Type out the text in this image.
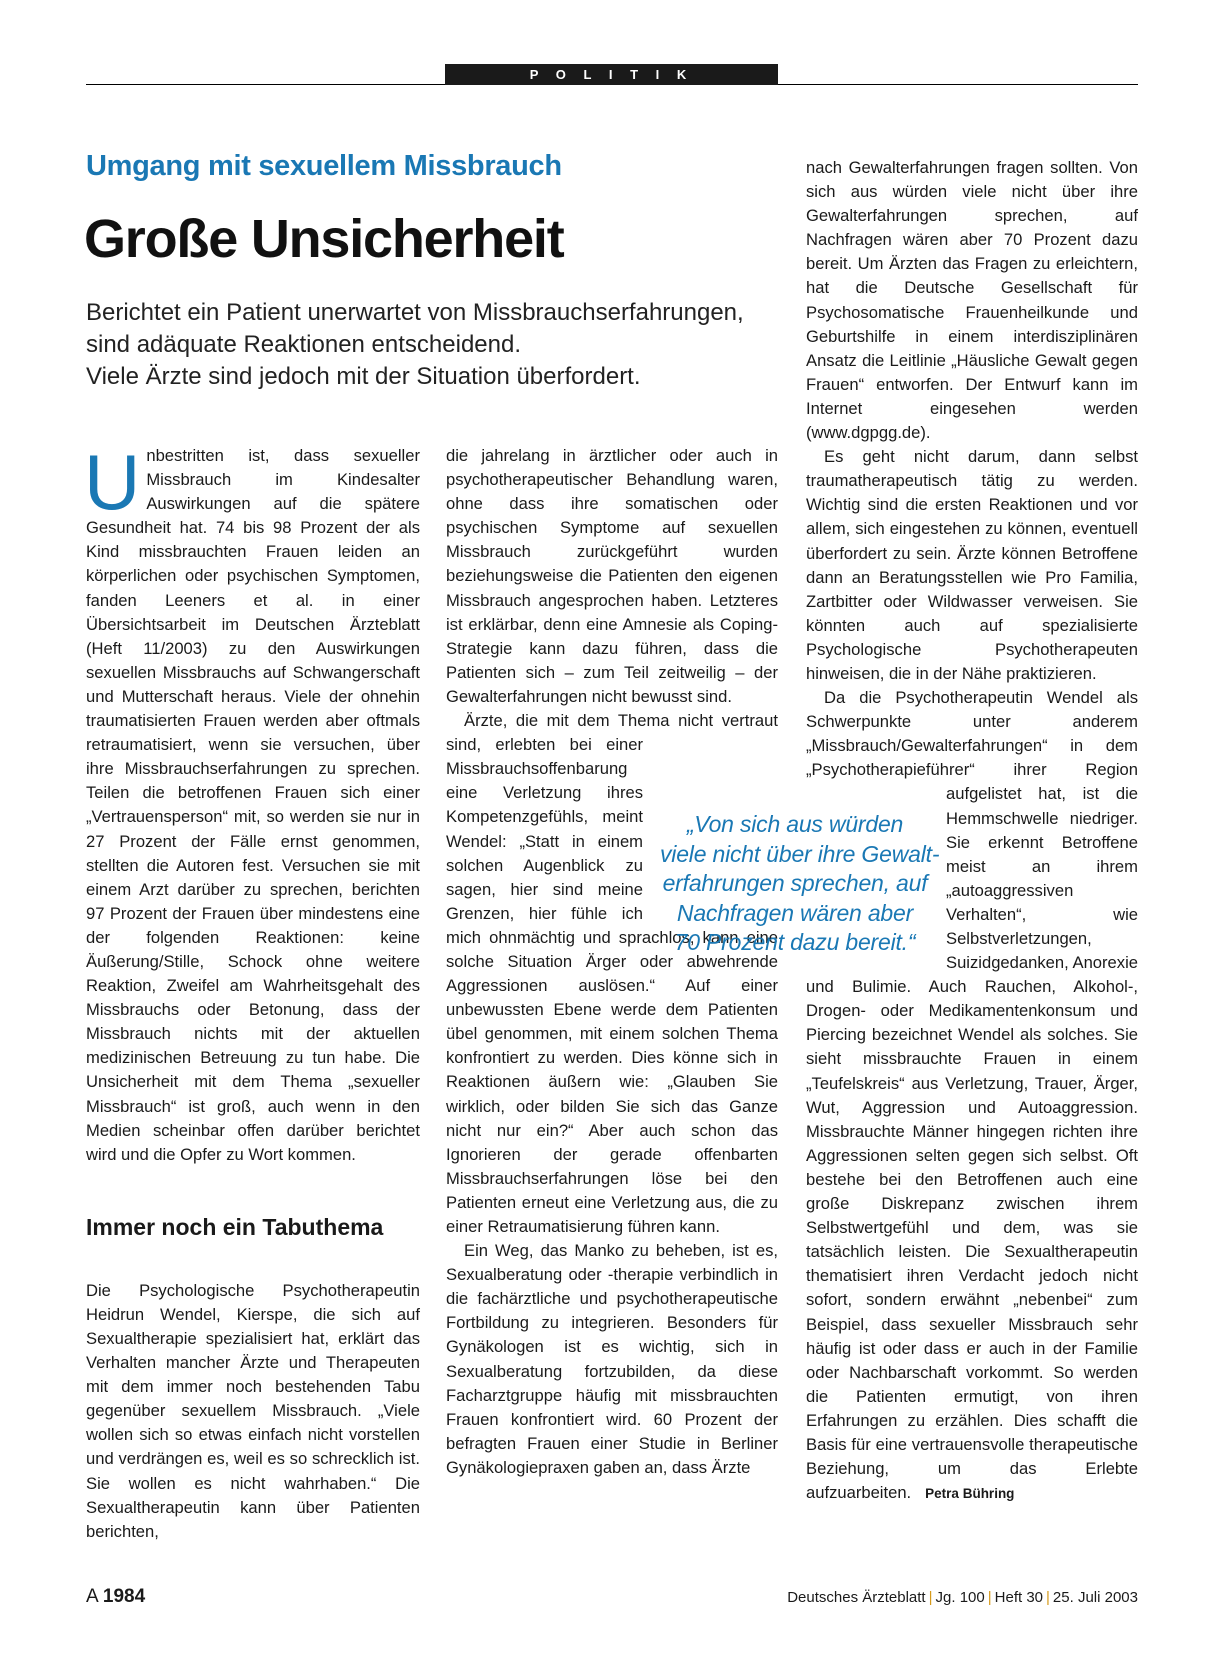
P O L I T I K
Umgang mit sexuellem Missbrauch
Große Unsicherheit
Berichtet ein Patient unerwartet von Missbrauchserfahrungen,
sind adäquate Reaktionen entscheidend.
Viele Ärzte sind jedoch mit der Situation überfordert.

Unbestritten ist, dass sexueller Missbrauch im Kindesalter Auswirkungen auf die spätere Gesundheit hat. 74 bis 98 Prozent der als Kind missbrauchten Frauen leiden an körperlichen oder psychischen Symptomen, fanden Leeners et al. in einer Übersichtsarbeit im Deutschen Ärzteblatt (Heft 11/2003) zu den Auswirkungen sexuellen Missbrauchs auf Schwangerschaft und Mutterschaft heraus. Viele der ohnehin traumatisierten Frauen werden aber oftmals retraumatisiert, wenn sie versuchen, über ihre Missbrauchserfahrungen zu sprechen. Teilen die betroffenen Frauen sich einer „Vertrauensperson“ mit, so werden sie nur in 27 Prozent der Fälle ernst genommen, stellten die Autoren fest. Versuchen sie mit einem Arzt darüber zu sprechen, berichten 97 Prozent der Frauen über mindestens eine der folgenden Reaktionen: keine Äußerung/Stille, Schock ohne weitere Reaktion, Zweifel am Wahrheitsgehalt des Missbrauchs oder Betonung, dass der Missbrauch nichts mit der aktuellen medizinischen Betreuung zu tun habe. Die Unsicherheit mit dem Thema „sexueller Missbrauch“ ist groß, auch wenn in den Medien scheinbar offen darüber berichtet wird und die Opfer zu Wort kommen.

Immer noch ein Tabuthema

Die Psychologische Psychotherapeutin Heidrun Wendel, Kierspe, die sich auf Sexualtherapie spezialisiert hat, erklärt das Verhalten mancher Ärzte und Therapeuten mit dem immer noch bestehenden Tabu gegenüber sexuellem Missbrauch. „Viele wollen sich so etwas einfach nicht vorstellen und verdrängen es, weil es so schrecklich ist. Sie wollen es nicht wahrhaben.“ Die Sexualtherapeutin kann über Patienten berichten,

die jahrelang in ärztlicher oder auch in psychotherapeutischer Behandlung waren, ohne dass ihre somatischen oder psychischen Symptome auf sexuellen Missbrauch zurückgeführt wurden beziehungsweise die Patienten den eigenen Missbrauch angesprochen haben. Letzteres ist erklärbar, denn eine Amnesie als Coping-Strategie kann dazu führen, dass die Patienten sich – zum Teil zeitweilig – der Gewalterfahrungen nicht bewusst sind.

Ärzte, die mit dem Thema nicht vertraut sind, erlebten bei einer Missbrauchsoffenbarung eine Verletzung ihres Kompetenzgefühls, meint Wendel: „Statt in einem solchen Augenblick zu sagen, hier sind meine Grenzen, hier fühle ich mich ohnmächtig und sprachlos, kann eine solche Situation Ärger oder abwehrende Aggressionen auslösen.“ Auf einer unbewussten Ebene werde dem Patienten übel genommen, mit einem solchen Thema konfrontiert zu werden. Dies könne sich in Reaktionen äußern wie: „Glauben Sie wirklich, oder bilden Sie sich das Ganze nicht nur ein?“ Aber auch schon das Ignorieren der gerade offenbarten Missbrauchserfahrungen löse bei den Patienten erneut eine Verletzung aus, die zu einer Retraumatisierung führen kann.

Ein Weg, das Manko zu beheben, ist es, Sexualberatung oder -therapie verbindlich in die fachärztliche und psychotherapeutische Fortbildung zu integrieren. Besonders für Gynäkologen ist es wichtig, sich in Sexualberatung fortzubilden, da diese Facharztgruppe häufig mit missbrauchten Frauen konfrontiert wird. 60 Prozent der befragten Frauen einer Studie in Berliner Gynäkologiepraxen gaben an, dass Ärzte

nach Gewalterfahrungen fragen sollten. Von sich aus würden viele nicht über ihre Gewalterfahrungen sprechen, auf Nachfragen wären aber 70 Prozent dazu bereit. Um Ärzten das Fragen zu erleichtern, hat die Deutsche Gesellschaft für Psychosomatische Frauenheilkunde und Geburtshilfe in einem interdisziplinären Ansatz die Leitlinie „Häusliche Gewalt gegen Frauen“ entworfen. Der Entwurf kann im Internet eingesehen werden (www.dgpgg.de).

Es geht nicht darum, dann selbst traumatherapeutisch tätig zu werden. Wichtig sind die ersten Reaktionen und vor allem, sich eingestehen zu können, eventuell überfordert zu sein. Ärzte können Betroffene dann an Beratungsstellen wie Pro Familia, Zartbitter oder Wildwasser verweisen. Sie könnten auch auf spezialisierte Psychologische Psychotherapeuten hinweisen, die in der Nähe praktizieren.

Da die Psychotherapeutin Wendel als Schwerpunkte unter anderem „Missbrauch/Gewalterfahrungen“ in dem „Psychotherapieführer“ ihrer Region aufgelistet hat, ist die Hemmschwelle niedriger. Sie erkennt Betroffene meist an ihrem „autoaggressiven Verhalten“, wie Selbstverletzungen, Suizidgedanken, Anorexie und Bulimie. Auch Rauchen, Alkohol-, Drogen- oder Medikamentenkonsum und Piercing bezeichnet Wendel als solches. Sie sieht missbrauchte Frauen in einem „Teufelskreis“ aus Verletzung, Trauer, Ärger, Wut, Aggression und Autoaggression. Missbrauchte Männer hingegen richten ihre Aggressionen selten gegen sich selbst. Oft bestehe bei den Betroffenen auch eine große Diskrepanz zwischen ihrem Selbstwertgefühl und dem, was sie tatsächlich leisten. Die Sexualtherapeutin thematisiert ihren Verdacht jedoch nicht sofort, sondern erwähnt „nebenbei“ zum Beispiel, dass sexueller Missbrauch sehr häufig ist oder dass er auch in der Familie oder Nachbarschaft vorkommt. So werden die Patienten ermutigt, von ihren Erfahrungen zu erzählen. Dies schafft die Basis für eine vertrauensvolle therapeutische Beziehung, um das Erlebte aufzuarbeiten. Petra Bühring

„Von sich aus würden
viele nicht über ihre Gewalt-
erfahrungen sprechen, auf
Nachfragen wären aber
70 Prozent dazu bereit.“
A 1984	Deutsches Ärzteblatt | Jg. 100 | Heft 30 | 25. Juli 2003
